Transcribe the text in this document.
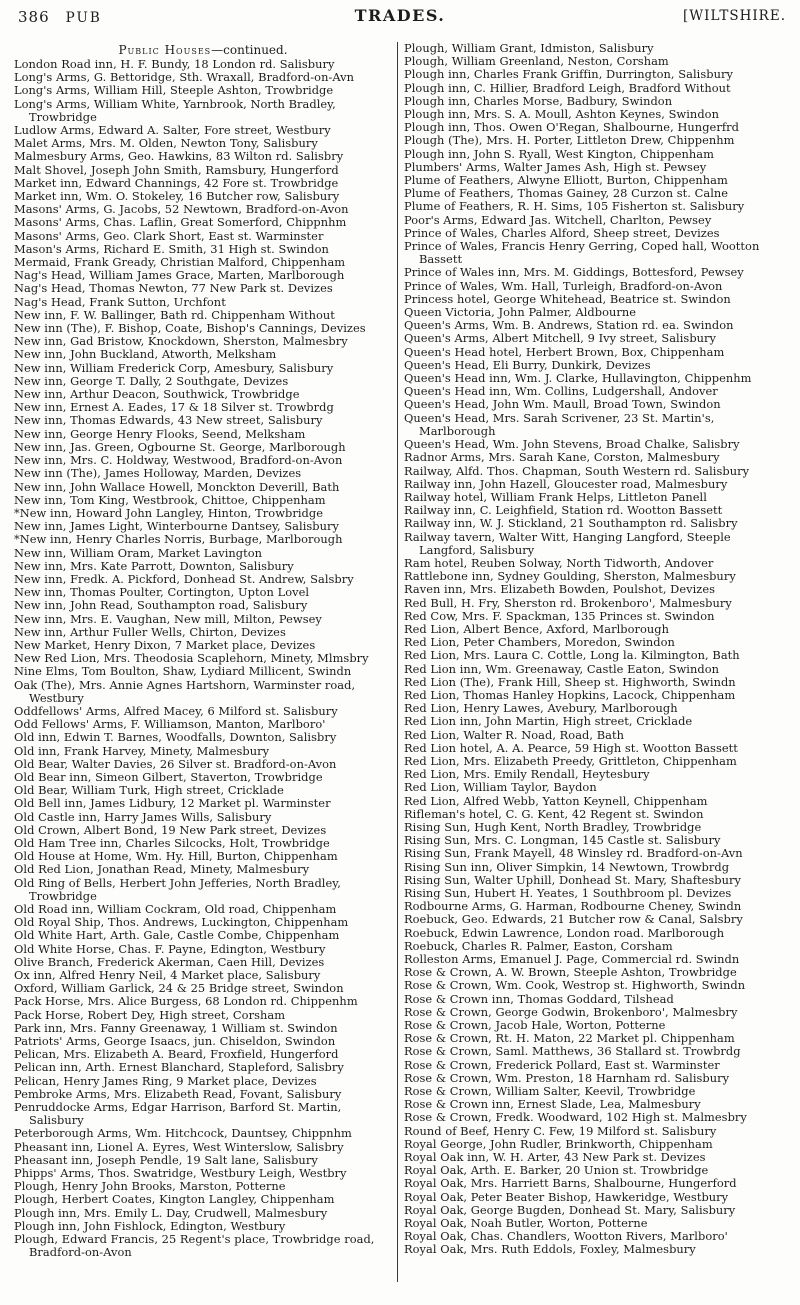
386 PUB	TRADES.	[WILTSHIRE.
Public Houses—continued.
London Road inn, H. F. Bundy, 18 London rd. Salisbury
Long's Arms, G. Bettoridge, Sth. Wraxall, Bradford-on-Avn
Long's Arms, William Hill, Steeple Ashton, Trowbridge
Long's Arms, William White, Yarnbrook, North Bradley, Trowbridge
Ludlow Arms, Edward A. Salter, Fore street, Westbury
Malet Arms, Mrs. M. Olden, Newton Tony, Salisbury
Malmesbury Arms, Geo. Hawkins, 83 Wilton rd. Salisbry
Malt Shovel, Joseph John Smith, Ramsbury, Hungerford
Market inn, Edward Channings, 42 Fore st. Trowbridge
Market inn, Wm. O. Stokeley, 16 Butcher row, Salisbury
Masons' Arms, G. Jacobs, 52 Newtown, Bradford-on-Avon
Masons' Arms, Chas. Laflin, Great Somerford, Chippnhm
Masons' Arms, Geo. Clark Short, East st. Warminster
Mason's Arms, Richard E. Smith, 31 High st. Swindon
Mermaid, Frank Gready, Christian Malford, Chippenham
Nag's Head, William James Grace, Marten, Marlborough
Nag's Head, Thomas Newton, 77 New Park st. Devizes
Nag's Head, Frank Sutton, Urchfont
New inn, F. W. Ballinger, Bath rd. Chippenham Without
New inn (The), F. Bishop, Coate, Bishop's Cannings, Devizes
New inn, Gad Bristow, Knockdown, Sherston, Malmesbry
New inn, John Buckland, Atworth, Melksham
New inn, William Frederick Corp, Amesbury, Salisbury
New inn, George T. Dally, 2 Southgate, Devizes
New inn, Arthur Deacon, Southwick, Trowbridge
New inn, Ernest A. Eades, 17 & 18 Silver st. Trowbrdg
New inn, Thomas Edwards, 43 New street, Salisbury
New inn, George Henry Flooks, Seend, Melksham
New inn, Jas. Green, Ogbourne St. George, Marlborough
New inn, Mrs. C. Holdway, Westwood, Bradford-on-Avon
New inn (The), James Holloway, Marden, Devizes
New inn, John Wallace Howell, Monckton Deverill, Bath
New inn, Tom King, Westbrook, Chittoe, Chippenham
*New inn, Howard John Langley, Hinton, Trowbridge
New inn, James Light, Winterbourne Dantsey, Salisbury
*New inn, Henry Charles Norris, Burbage, Marlborough
New inn, William Oram, Market Lavington
New inn, Mrs. Kate Parrott, Downton, Salisbury
New inn, Fredk. A. Pickford, Donhead St. Andrew, Salsbry
New inn, Thomas Poulter, Cortington, Upton Lovel
New inn, John Read, Southampton road, Salisbury
New inn, Mrs. E. Vaughan, New mill, Milton, Pewsey
New inn, Arthur Fuller Wells, Chirton, Devizes
New Market, Henry Dixon, 7 Market place, Devizes
New Red Lion, Mrs. Theodosia Scaplehorn, Minety, Mlmsbry
Nine Elms, Tom Boulton, Shaw, Lydiard Millicent, Swindn
Oak (The), Mrs. Annie Agnes Hartshorn, Warminster road, Westbury
Oddfellows' Arms, Alfred Macey, 6 Milford st. Salisbury
Odd Fellows' Arms, F. Williamson, Manton, Marlboro'
Old inn, Edwin T. Barnes, Woodfalls, Downton, Salisbry
Old inn, Frank Harvey, Minety, Malmesbury
Old Bear, Walter Davies, 26 Silver st. Bradford-on-Avon
Old Bear inn, Simeon Gilbert, Staverton, Trowbridge
Old Bear, William Turk, High street, Cricklade
Old Bell inn, James Lidbury, 12 Market pl. Warminster
Old Castle inn, Harry James Wills, Salisbury
Old Crown, Albert Bond, 19 New Park street, Devizes
Old Ham Tree inn, Charles Silcocks, Holt, Trowbridge
Old House at Home, Wm. Hy. Hill, Burton, Chippenham
Old Red Lion, Jonathan Read, Minety, Malmesbury
Old Ring of Bells, Herbert John Jefferies, North Bradley, Trowbridge
Old Road inn, William Cockram, Old road, Chippenham
Old Royal Ship, Thos. Andrews, Luckington, Chippenham
Old White Hart, Arth. Gale, Castle Combe, Chippenham
Old White Horse, Chas. F. Payne, Edington, Westbury
Olive Branch, Frederick Akerman, Caen Hill, Devizes
Ox inn, Alfred Henry Neil, 4 Market place, Salisbury
Oxford, William Garlick, 24 & 25 Bridge street, Swindon
Pack Horse, Mrs. Alice Burgess, 68 London rd. Chippenhm
Pack Horse, Robert Dey, High street, Corsham
Park inn, Mrs. Fanny Greenaway, 1 William st. Swindon
Patriots' Arms, George Isaacs, jun. Chiseldon, Swindon
Pelican, Mrs. Elizabeth A. Beard, Froxfield, Hungerford
Pelican inn, Arth. Ernest Blanchard, Stapleford, Salisbry
Pelican, Henry James Ring, 9 Market place, Devizes
Pembroke Arms, Mrs. Elizabeth Read, Fovant, Salisbury
Penruddocke Arms, Edgar Harrison, Barford St. Martin, Salisbury
Peterborough Arms, Wm. Hitchcock, Dauntsey, Chippnhm
Pheasant inn, Lionel A. Eyres, West Winterslow, Salisbry
Pheasant inn, Joseph Pendle, 19 Salt lane, Salisbury
Phipps' Arms, Thos. Swatridge, Westbury Leigh, Westbry
Plough, Henry John Brooks, Marston, Potterne
Plough, Herbert Coates, Kington Langley, Chippenham
Plough inn, Mrs. Emily L. Day, Crudwell, Malmesbury
Plough inn, John Fishlock, Edington, Westbury
Plough, Edward Francis, 25 Regent's place, Trowbridge road, Bradford-on-Avon
Plough, William Grant, Idmiston, Salisbury
Plough, William Greenland, Neston, Corsham
Plough inn, Charles Frank Griffin, Durrington, Salisbury
Plough inn, C. Hillier, Bradford Leigh, Bradford Without
Plough inn, Charles Morse, Badbury, Swindon
Plough inn, Mrs. S. A. Moull, Ashton Keynes, Swindon
Plough inn, Thos. Owen O'Regan, Shalbourne, Hungerfrd
Plough (The), Mrs. H. Porter, Littleton Drew, Chippenhm
Plough inn, John S. Ryall, West Kington, Chippenham
Plumbers' Arms, Walter James Ash, High st. Pewsey
Plume of Feathers, Alwyne Elliott, Burton, Chippenham
Plume of Feathers, Thomas Gainey, 28 Curzon st. Calne
Plume of Feathers, R. H. Sims, 105 Fisherton st. Salisbury
Poor's Arms, Edward Jas. Witchell, Charlton, Pewsey
Prince of Wales, Charles Alford, Sheep street, Devizes
Prince of Wales, Francis Henry Gerring, Coped hall, Wootton Bassett
Prince of Wales inn, Mrs. M. Giddings, Bottesford, Pewsey
Prince of Wales, Wm. Hall, Turleigh, Bradford-on-Avon
Princess hotel, George Whitehead, Beatrice st. Swindon
Queen Victoria, John Palmer, Aldbourne
Queen's Arms, Wm. B. Andrews, Station rd. ea. Swindon
Queen's Arms, Albert Mitchell, 9 Ivy street, Salisbury
Queen's Head hotel, Herbert Brown, Box, Chippenham
Queen's Head, Eli Burry, Dunkirk, Devizes
Queen's Head inn, Wm. J. Clarke, Hullavington, Chippenhm
Queen's Head inn, Wm. Collins, Ludgershall, Andover
Queen's Head, John Wm. Maull, Broad Town, Swindon
Queen's Head, Mrs. Sarah Scrivener, 23 St. Martin's, Marlborough
Queen's Head, Wm. John Stevens, Broad Chalke, Salisbry
Radnor Arms, Mrs. Sarah Kane, Corston, Malmesbury
Railway, Alfd. Thos. Chapman, South Western rd. Salisbury
Railway inn, John Hazell, Gloucester road, Malmesbury
Railway hotel, William Frank Helps, Littleton Panell
Railway inn, C. Leighfield, Station rd. Wootton Bassett
Railway inn, W. J. Stickland, 21 Southampton rd. Salisbry
Railway tavern, Walter Witt, Hanging Langford, Steeple Langford, Salisbury
Ram hotel, Reuben Solway, North Tidworth, Andover
Rattlebone inn, Sydney Goulding, Sherston, Malmesbury
Raven inn, Mrs. Elizabeth Bowden, Poulshot, Devizes
Red Bull, H. Fry, Sherston rd. Brokenboro', Malmesbury
Red Cow, Mrs. F. Spackman, 135 Princes st. Swindon
Red Lion, Albert Bence, Axford, Marlborough
Red Lion, Peter Chambers, Moredon, Swindon
Red Lion, Mrs. Laura C. Cottle, Long la. Kilmington, Bath
Red Lion inn, Wm. Greenaway, Castle Eaton, Swindon
Red Lion (The), Frank Hill, Sheep st. Highworth, Swindn
Red Lion, Thomas Hanley Hopkins, Lacock, Chippenham
Red Lion, Henry Lawes, Avebury, Marlborough
Red Lion inn, John Martin, High street, Cricklade
Red Lion, Walter R. Noad, Road, Bath
Red Lion hotel, A. A. Pearce, 59 High st. Wootton Bassett
Red Lion, Mrs. Elizabeth Preedy, Grittleton, Chippenham
Red Lion, Mrs. Emily Rendall, Heytesbury
Red Lion, William Taylor, Baydon
Red Lion, Alfred Webb, Yatton Keynell, Chippenham
Rifleman's hotel, C. G. Kent, 42 Regent st. Swindon
Rising Sun, Hugh Kent, North Bradley, Trowbridge
Rising Sun, Mrs. C. Longman, 145 Castle st. Salisbury
Rising Sun, Frank Mayell, 48 Winsley rd. Bradford-on-Avn
Rising Sun inn, Oliver Simpkin, 14 Newtown, Trowbrdg
Rising Sun, Walter Uphill, Donhead St. Mary, Shaftesbury
Rising Sun, Hubert H. Yeates, 1 Southbroom pl. Devizes
Rodbourne Arms, G. Harman, Rodbourne Cheney, Swindn
Roebuck, Geo. Edwards, 21 Butcher row & Canal, Salsbry
Roebuck, Edwin Lawrence, London road. Marlborough
Roebuck, Charles R. Palmer, Easton, Corsham
Rolleston Arms, Emanuel J. Page, Commercial rd. Swindn
Rose & Crown, A. W. Brown, Steeple Ashton, Trowbridge
Rose & Crown, Wm. Cook, Westrop st. Highworth, Swindn
Rose & Crown inn, Thomas Goddard, Tilshead
Rose & Crown, George Godwin, Brokenboro', Malmesbry
Rose & Crown, Jacob Hale, Worton, Potterne
Rose & Crown, Rt. H. Maton, 22 Market pl. Chippenham
Rose & Crown, Saml. Matthews, 36 Stallard st. Trowbrdg
Rose & Crown, Frederick Pollard, East st. Warminster
Rose & Crown, Wm. Preston, 18 Harnham rd. Salisbury
Rose & Crown, William Salter, Keevil, Trowbridge
Rose & Crown inn, Ernest Slade, Lea, Malmesbury
Rose & Crown, Fredk. Woodward, 102 High st. Malmesbry
Round of Beef, Henry C. Few, 19 Milford st. Salisbury
Royal George, John Rudler, Brinkworth, Chippenham
Royal Oak inn, W. H. Arter, 43 New Park st. Devizes
Royal Oak, Arth. E. Barker, 20 Union st. Trowbridge
Royal Oak, Mrs. Harriett Barns, Shalbourne, Hungerford
Royal Oak, Peter Beater Bishop, Hawkeridge, Westbury
Royal Oak, George Bugden, Donhead St. Mary, Salisbury
Royal Oak, Noah Butler, Worton, Potterne
Royal Oak, Chas. Chandlers, Wootton Rivers, Marlboro'
Royal Oak, Mrs. Ruth Eddols, Foxley, Malmesbury
